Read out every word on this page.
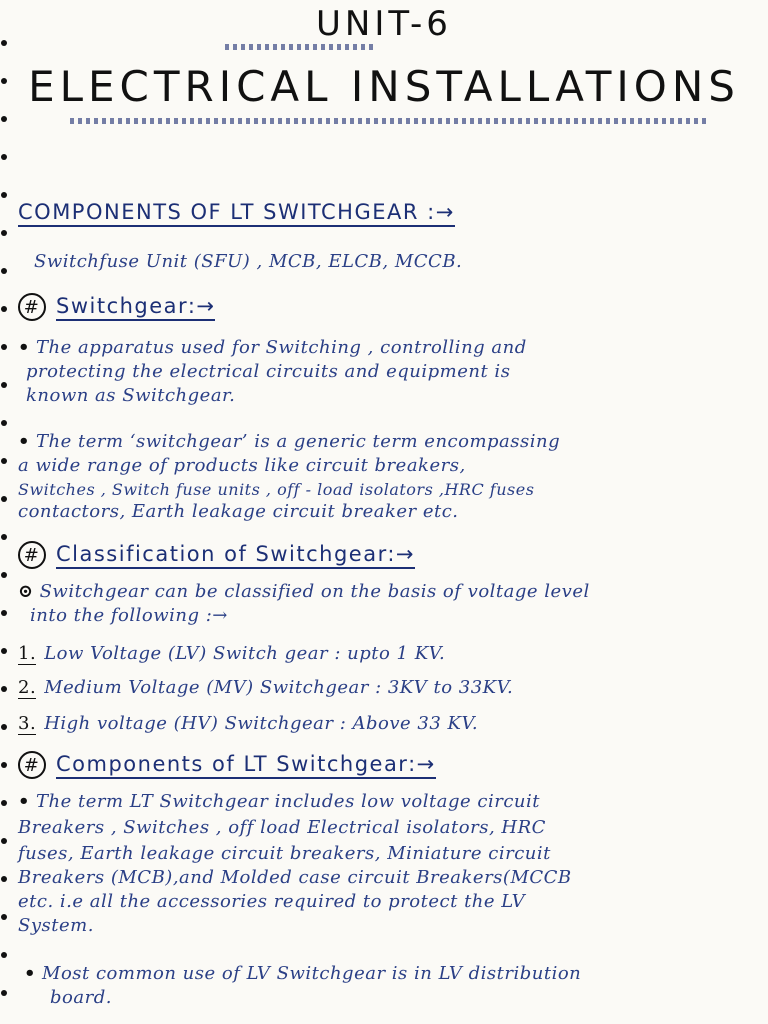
UNIT-6
ELECTRICAL INSTALLATIONS
COMPONENTS OF LT SWITCHGEAR :→
Switchfuse Unit (SFU) , MCB, ELCB, MCCB.
# Switchgear:→
• The apparatus used for Switching , controlling and
protecting the electrical circuits and equipment is
known as Switchgear.
• The term ‘switchgear’ is a generic term encompassing
a wide range of products like circuit breakers,
Switches , Switch fuse units , off - load isolators ,HRC fuses
contactors, Earth leakage circuit breaker etc.
# Classification of Switchgear:→
⊙ Switchgear can be classified on the basis of voltage level
into the following :→
1. Low Voltage (LV) Switch gear : upto 1 KV.
2. Medium Voltage (MV) Switchgear : 3KV to 33KV.
3. High voltage (HV) Switchgear : Above 33 KV.
# Components of LT Switchgear:→
• The term LT Switchgear includes low voltage circuit
Breakers , Switches , off load Electrical isolators, HRC
fuses, Earth leakage circuit breakers, Miniature circuit
Breakers (MCB),and Molded case circuit Breakers(MCCB
etc. i.e all the accessories required to protect the LV
System.
• Most common use of LV Switchgear is in LV distribution
board.
